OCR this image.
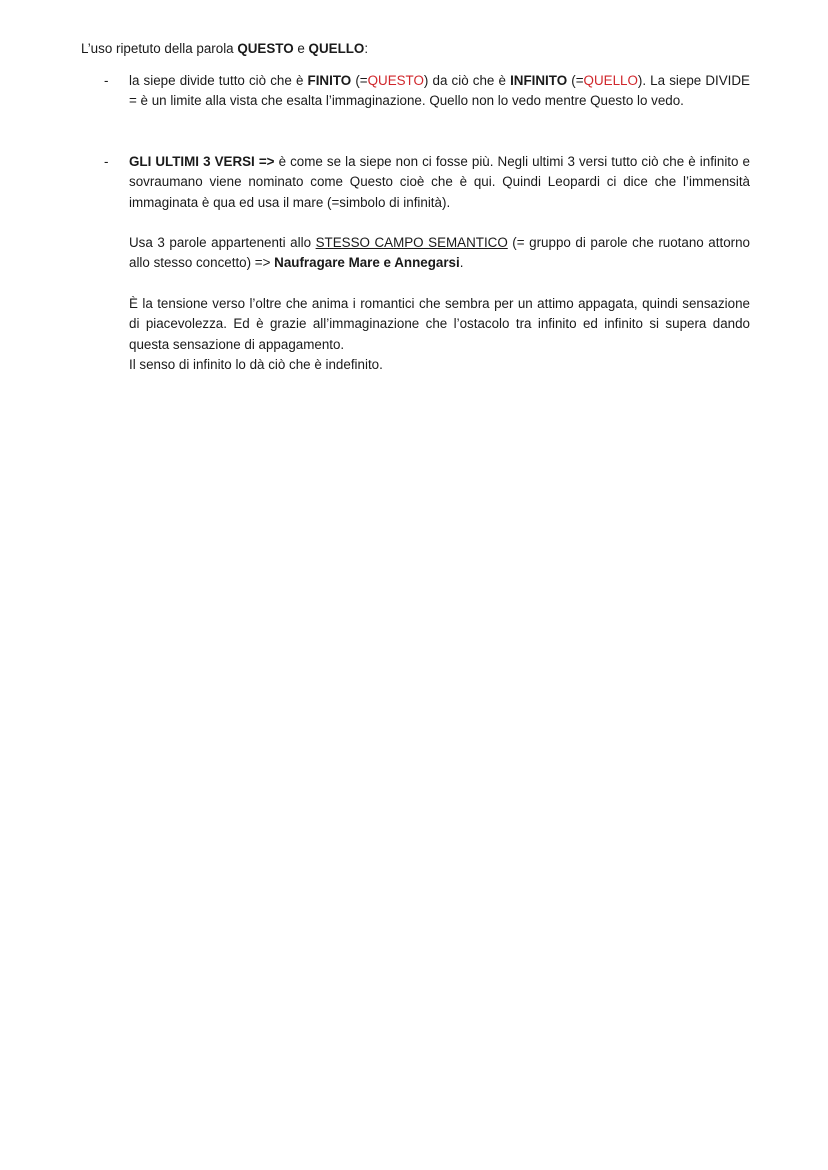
L’uso ripetuto della parola QUESTO e QUELLO:
- la siepe divide tutto ciò che è FINITO (=QUESTO) da ciò che è INFINITO (=QUELLO). La siepe DIVIDE = è un limite alla vista che esalta l’immaginazione. Quello non lo vedo mentre Questo lo vedo.
- GLI ULTIMI 3 VERSI => è come se la siepe non ci fosse più. Negli ultimi 3 versi tutto ciò che è infinito e sovraumano viene nominato come Questo cioè che è qui. Quindi Leopardi ci dice che l’immensità immaginata è qua ed usa il mare (=simbolo di infinità).
Usa 3 parole appartenenti allo STESSO CAMPO SEMANTICO (= gruppo di parole che ruotano attorno allo stesso concetto) => Naufragare Mare e Annegarsi.
È la tensione verso l’oltre che anima i romantici che sembra per un attimo appagata, quindi sensazione di piacevolezza. Ed è grazie all’immaginazione che l’ostacolo tra infinito ed infinito si supera dando questa sensazione di appagamento.
Il senso di infinito lo dà ciò che è indefinito.
